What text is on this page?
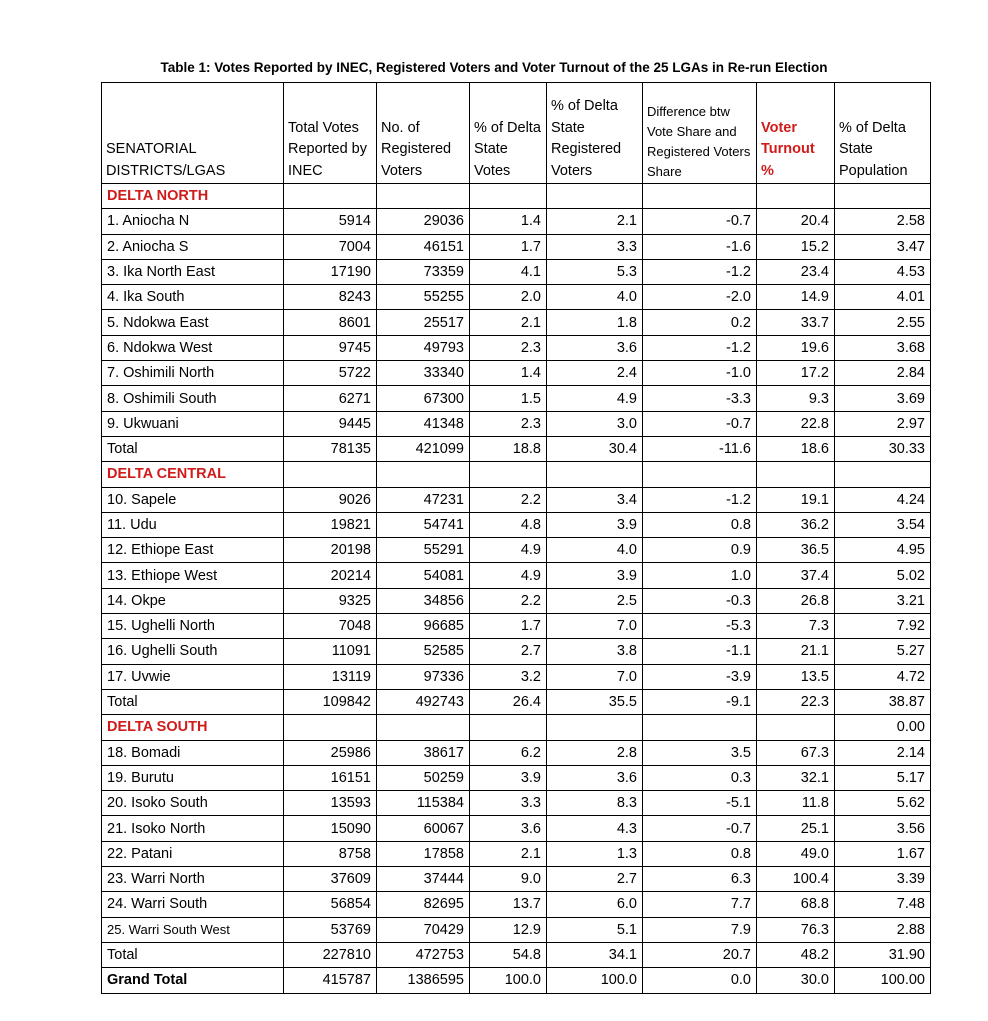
Table 1: Votes Reported by INEC, Registered Voters and Voter Turnout of the 25 LGAs in Re-run Election
SENATORIAL DISTRICTS/LGAS	Total Votes Reported by INEC	No. of Registered Voters	% of Delta State Votes	% of Delta State Registered Voters	Difference btw Vote Share and Registered Voters Share	Voter Turnout %	% of Delta State Population
DELTA NORTH							
1. Aniocha N	5914	29036	1.4	2.1	-0.7	20.4	2.58
2. Aniocha S	7004	46151	1.7	3.3	-1.6	15.2	3.47
3. Ika North East	17190	73359	4.1	5.3	-1.2	23.4	4.53
4. Ika South	8243	55255	2.0	4.0	-2.0	14.9	4.01
5. Ndokwa East	8601	25517	2.1	1.8	0.2	33.7	2.55
6. Ndokwa West	9745	49793	2.3	3.6	-1.2	19.6	3.68
7. Oshimili North	5722	33340	1.4	2.4	-1.0	17.2	2.84
8. Oshimili South	6271	67300	1.5	4.9	-3.3	9.3	3.69
9. Ukwuani	9445	41348	2.3	3.0	-0.7	22.8	2.97
Total	78135	421099	18.8	30.4	-11.6	18.6	30.33
DELTA CENTRAL							
10. Sapele	9026	47231	2.2	3.4	-1.2	19.1	4.24
11. Udu	19821	54741	4.8	3.9	0.8	36.2	3.54
12. Ethiope East	20198	55291	4.9	4.0	0.9	36.5	4.95
13. Ethiope West	20214	54081	4.9	3.9	1.0	37.4	5.02
14. Okpe	9325	34856	2.2	2.5	-0.3	26.8	3.21
15. Ughelli North	7048	96685	1.7	7.0	-5.3	7.3	7.92
16. Ughelli South	11091	52585	2.7	3.8	-1.1	21.1	5.27
17. Uvwie	13119	97336	3.2	7.0	-3.9	13.5	4.72
Total	109842	492743	26.4	35.5	-9.1	22.3	38.87
DELTA SOUTH							0.00
18. Bomadi	25986	38617	6.2	2.8	3.5	67.3	2.14
19. Burutu	16151	50259	3.9	3.6	0.3	32.1	5.17
20. Isoko South	13593	115384	3.3	8.3	-5.1	11.8	5.62
21. Isoko North	15090	60067	3.6	4.3	-0.7	25.1	3.56
22. Patani	8758	17858	2.1	1.3	0.8	49.0	1.67
23. Warri North	37609	37444	9.0	2.7	6.3	100.4	3.39
24. Warri South	56854	82695	13.7	6.0	7.7	68.8	7.48
25. Warri South West	53769	70429	12.9	5.1	7.9	76.3	2.88
Total	227810	472753	54.8	34.1	20.7	48.2	31.90
Grand Total	415787	1386595	100.0	100.0	0.0	30.0	100.00
